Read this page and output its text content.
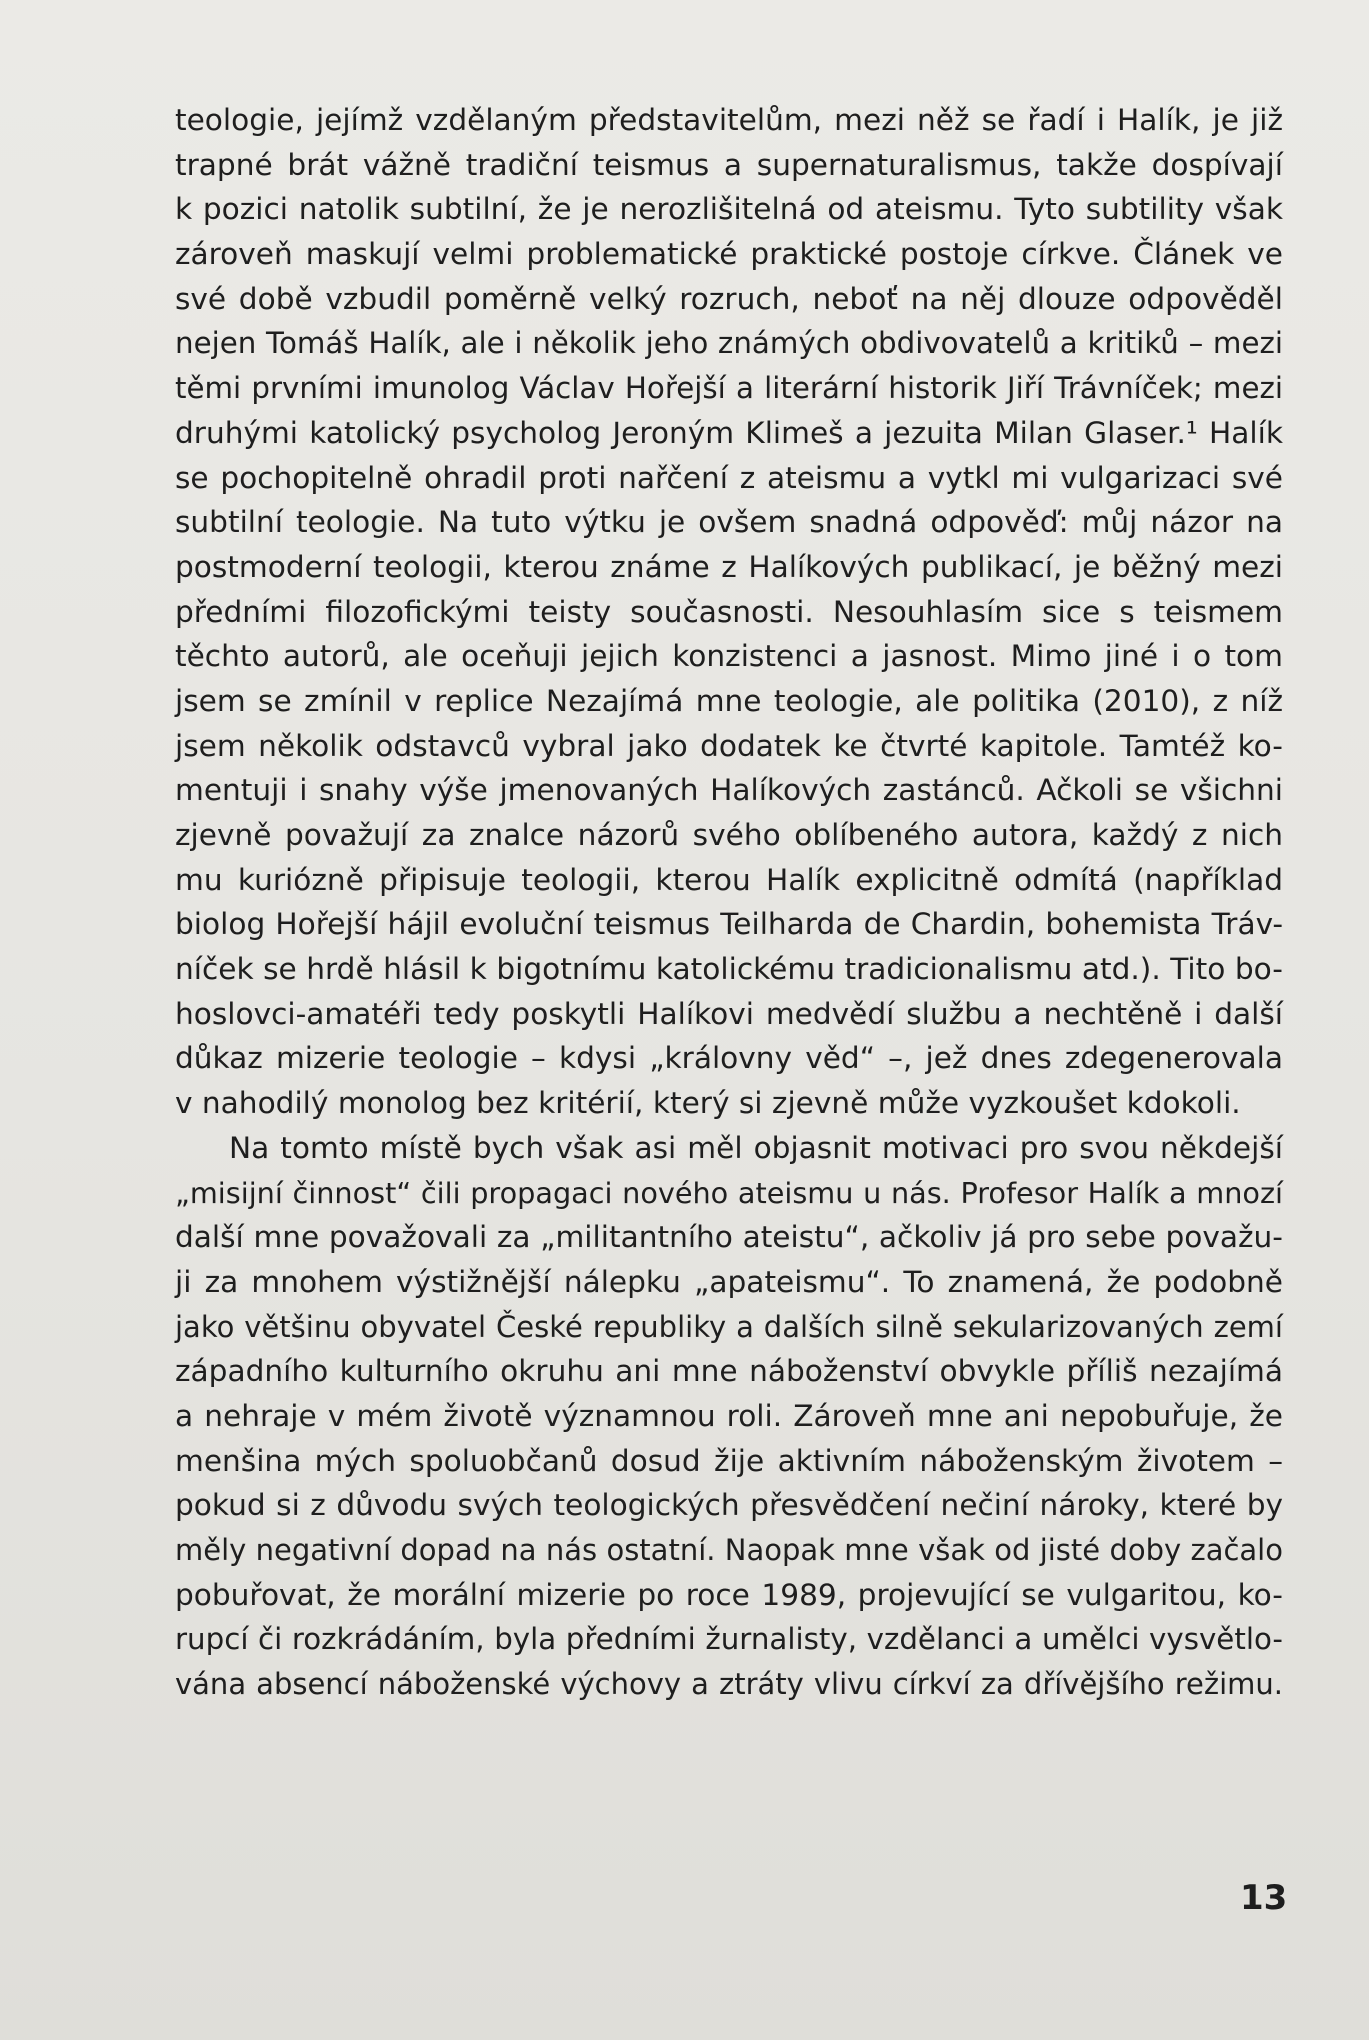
teologie, jejímž vzdělaným představitelům, mezi něž se řadí i Halík, je již
trapné brát vážně tradiční teismus a supernaturalismus, takže dospívají
k pozici natolik subtilní, že je nerozlišitelná od ateismu. Tyto subtility však
zároveň maskují velmi problematické praktické postoje církve. Článek ve
své době vzbudil poměrně velký rozruch, neboť na něj dlouze odpověděl
nejen Tomáš Halík, ale i několik jeho známých obdivovatelů a kritiků – mezi
těmi prvními imunolog Václav Hořejší a literární historik Jiří Trávníček; mezi
druhými katolický psycholog Jeroným Klimeš a jezuita Milan Glaser.¹ Halík
se pochopitelně ohradil proti nařčení z ateismu a vytkl mi vulgarizaci své
subtilní teologie. Na tuto výtku je ovšem snadná odpověď: můj názor na
postmoderní teologii, kterou známe z Halíkových publikací, je běžný mezi
předními filozofickými teisty současnosti. Nesouhlasím sice s teismem
těchto autorů, ale oceňuji jejich konzistenci a jasnost. Mimo jiné i o tom
jsem se zmínil v replice Nezajímá mne teologie, ale politika (2010), z níž
jsem několik odstavců vybral jako dodatek ke čtvrté kapitole. Tamtéž ko-
mentuji i snahy výše jmenovaných Halíkových zastánců. Ačkoli se všichni
zjevně považují za znalce názorů svého oblíbeného autora, každý z nich
mu kuriózně připisuje teologii, kterou Halík explicitně odmítá (například
biolog Hořejší hájil evoluční teismus Teilharda de Chardin, bohemista Tráv-
níček se hrdě hlásil k bigotnímu katolickému tradicionalismu atd.). Tito bo-
hoslovci-amatéři tedy poskytli Halíkovi medvědí službu a nechtěně i další
důkaz mizerie teologie – kdysi „královny věd“ –, jež dnes zdegenerovala
v nahodilý monolog bez kritérií, který si zjevně může vyzkoušet kdokoli.
Na tomto místě bych však asi měl objasnit motivaci pro svou někdejší
„misijní činnost“ čili propagaci nového ateismu u nás. Profesor Halík a mnozí
další mne považovali za „militantního ateistu“, ačkoliv já pro sebe považu-
ji za mnohem výstižnější nálepku „apateismu“. To znamená, že podobně
jako většinu obyvatel České republiky a dalších silně sekularizovaných zemí
západního kulturního okruhu ani mne náboženství obvykle příliš nezajímá
a nehraje v mém životě významnou roli. Zároveň mne ani nepobuřuje, že
menšina mých spoluobčanů dosud žije aktivním náboženským životem –
pokud si z důvodu svých teologických přesvědčení nečiní nároky, které by
měly negativní dopad na nás ostatní. Naopak mne však od jisté doby začalo
pobuřovat, že morální mizerie po roce 1989, projevující se vulgaritou, ko-
rupcí či rozkrádáním, byla předními žurnalisty, vzdělanci a umělci vysvětlo-
vána absencí náboženské výchovy a ztráty vlivu církví za dřívějšího režimu.
13
